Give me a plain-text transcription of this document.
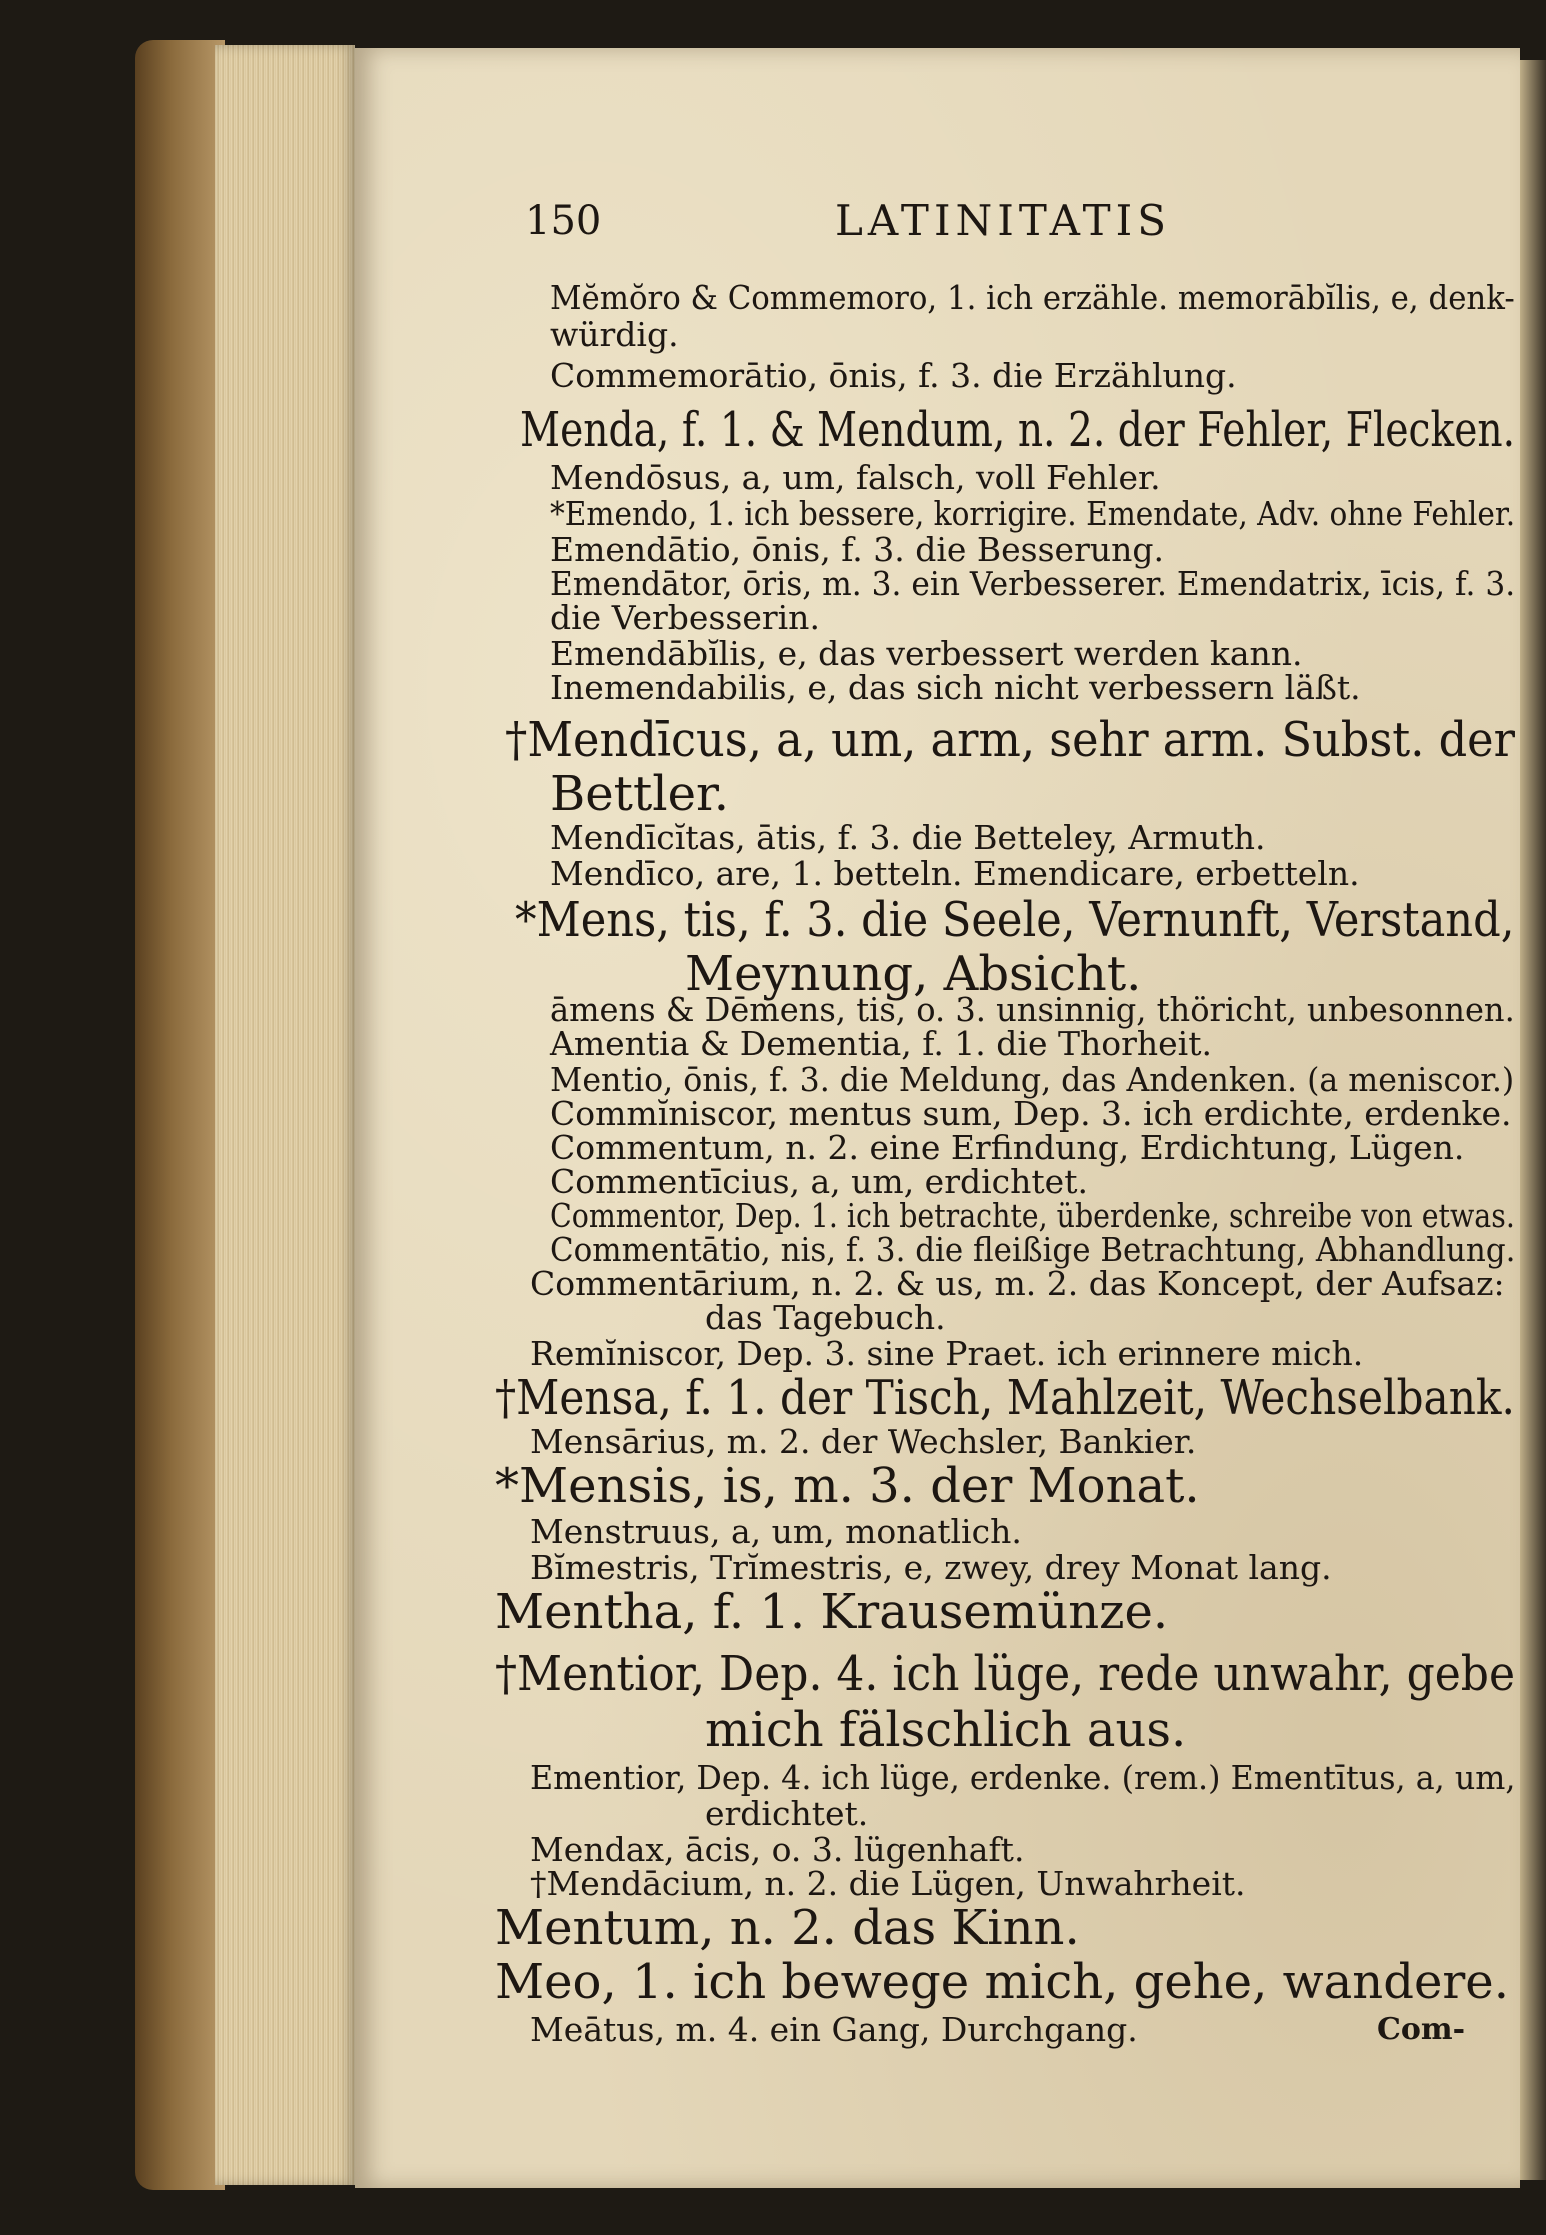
150	LATINITATIS
Mĕmŏro & Commemoro, 1. ich erzähle. memorābĭlis, e, denk-
würdig.
Commemorātio, ōnis, f. 3. die Erzählung.
Menda, f. 1. & Mendum, n. 2. der Fehler, Flecken.
Mendōsus, a, um, falsch, voll Fehler.
*Emendo, 1. ich bessere, korrigire. Emendate, Adv. ohne Fehler.
Emendātio, ōnis, f. 3. die Besserung.
Emendātor, ōris, m. 3. ein Verbesserer. Emendatrix, īcis, f. 3.
die Verbesserin.
Emendābĭlis, e, das verbessert werden kann.
Inemendabilis, e, das sich nicht verbessern läßt.
†Mendīcus, a, um, arm, sehr arm. Subst. der
Bettler.
Mendīcĭtas, ātis, f. 3. die Betteley, Armuth.
Mendīco, are, 1. betteln. Emendicare, erbetteln.
*Mens, tis, f. 3. die Seele, Vernunft, Verstand,
Meynung, Absicht.
āmens & Dēmens, tis, o. 3. unsinnig, thöricht, unbesonnen.
Amentia & Dementia, f. 1. die Thorheit.
Mentio, ōnis, f. 3. die Meldung, das Andenken. (a meniscor.)
Commĭniscor, mentus sum, Dep. 3. ich erdichte, erdenke.
Commentum, n. 2. eine Erfindung, Erdichtung, Lügen.
Commentīcius, a, um, erdichtet.
Commentor, Dep. 1. ich betrachte, überdenke, schreibe von etwas.
Commentātio, nis, f. 3. die fleißige Betrachtung, Abhandlung.
Commentārium, n. 2. & us, m. 2. das Koncept, der Aufsaz:
das Tagebuch.
Remĭniscor, Dep. 3. sine Praet. ich erinnere mich.
†Mensa, f. 1. der Tisch, Mahlzeit, Wechselbank.
Mensārius, m. 2. der Wechsler, Bankier.
*Mensis, is, m. 3. der Monat.
Menstruus, a, um, monatlich.
Bĭmestris, Trĭmestris, e, zwey, drey Monat lang.
Mentha, f. 1. Krausemünze.
†Mentior, Dep. 4. ich lüge, rede unwahr, gebe
mich fälschlich aus.
Ementior, Dep. 4. ich lüge, erdenke. (rem.) Ementītus, a, um,
erdichtet.
Mendax, ācis, o. 3. lügenhaft.
†Mendācium, n. 2. die Lügen, Unwahrheit.
Mentum, n. 2. das Kinn.
Meo, 1. ich bewege mich, gehe, wandere.
Meātus, m. 4. ein Gang, Durchgang.	Com-
